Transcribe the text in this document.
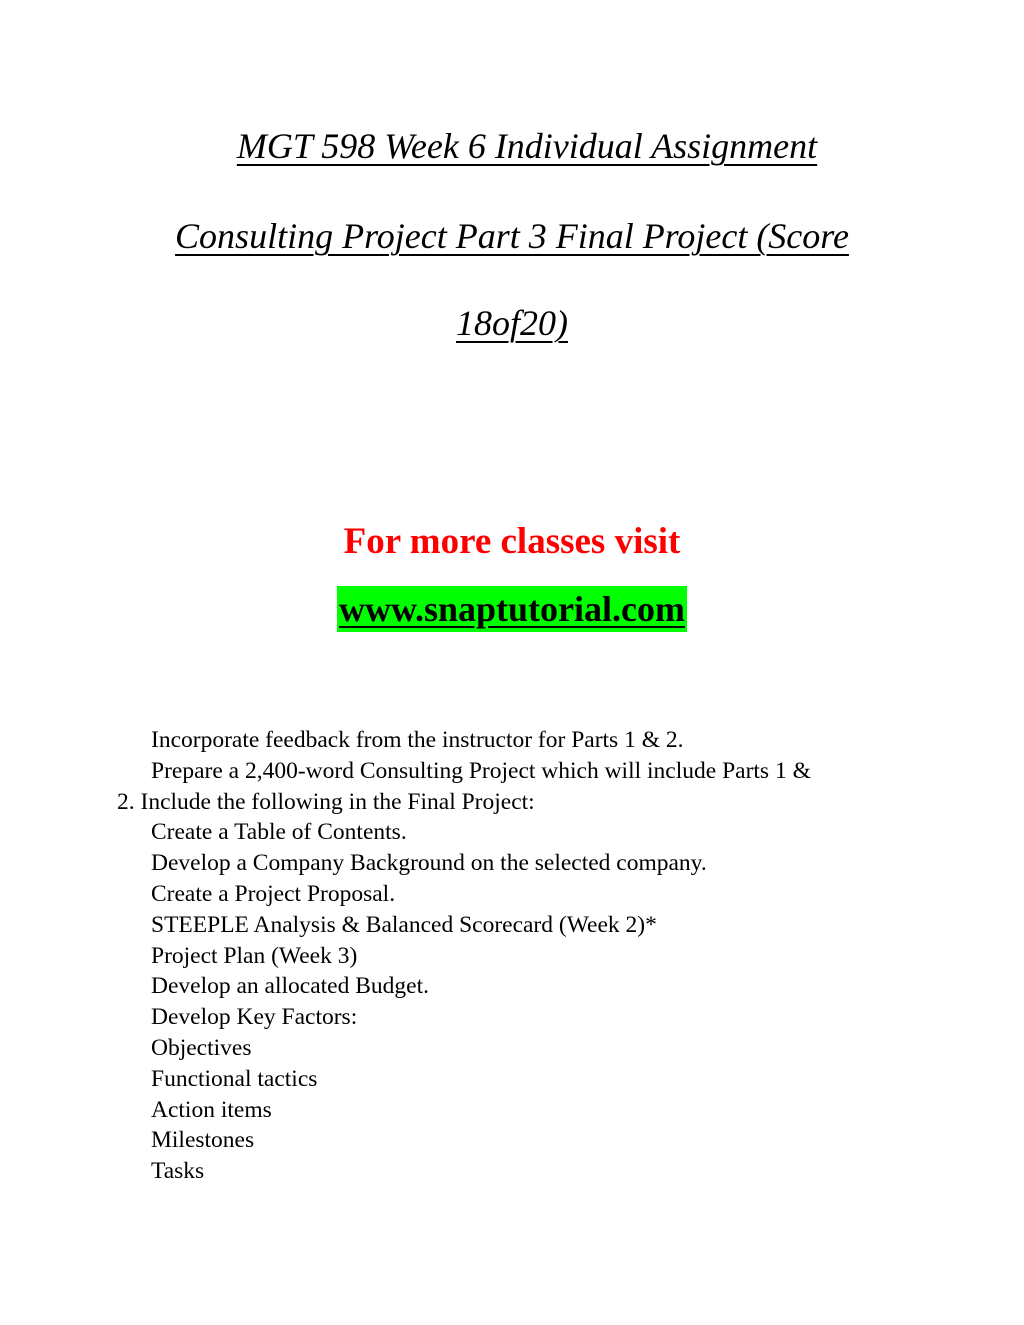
MGT 598 Week 6 Individual Assignment
Consulting Project Part 3 Final Project (Score
18of20)
For more classes visit
www.snaptutorial.com
Incorporate feedback from the instructor for Parts 1 & 2.
Prepare a 2,400-word Consulting Project which will include Parts 1 &
2. Include the following in the Final Project:
Create a Table of Contents.
Develop a Company Background on the selected company.
Create a Project Proposal.
STEEPLE Analysis & Balanced Scorecard (Week 2)*
Project Plan (Week 3)
Develop an allocated Budget.
Develop Key Factors:
Objectives
Functional tactics
Action items
Milestones
Tasks
